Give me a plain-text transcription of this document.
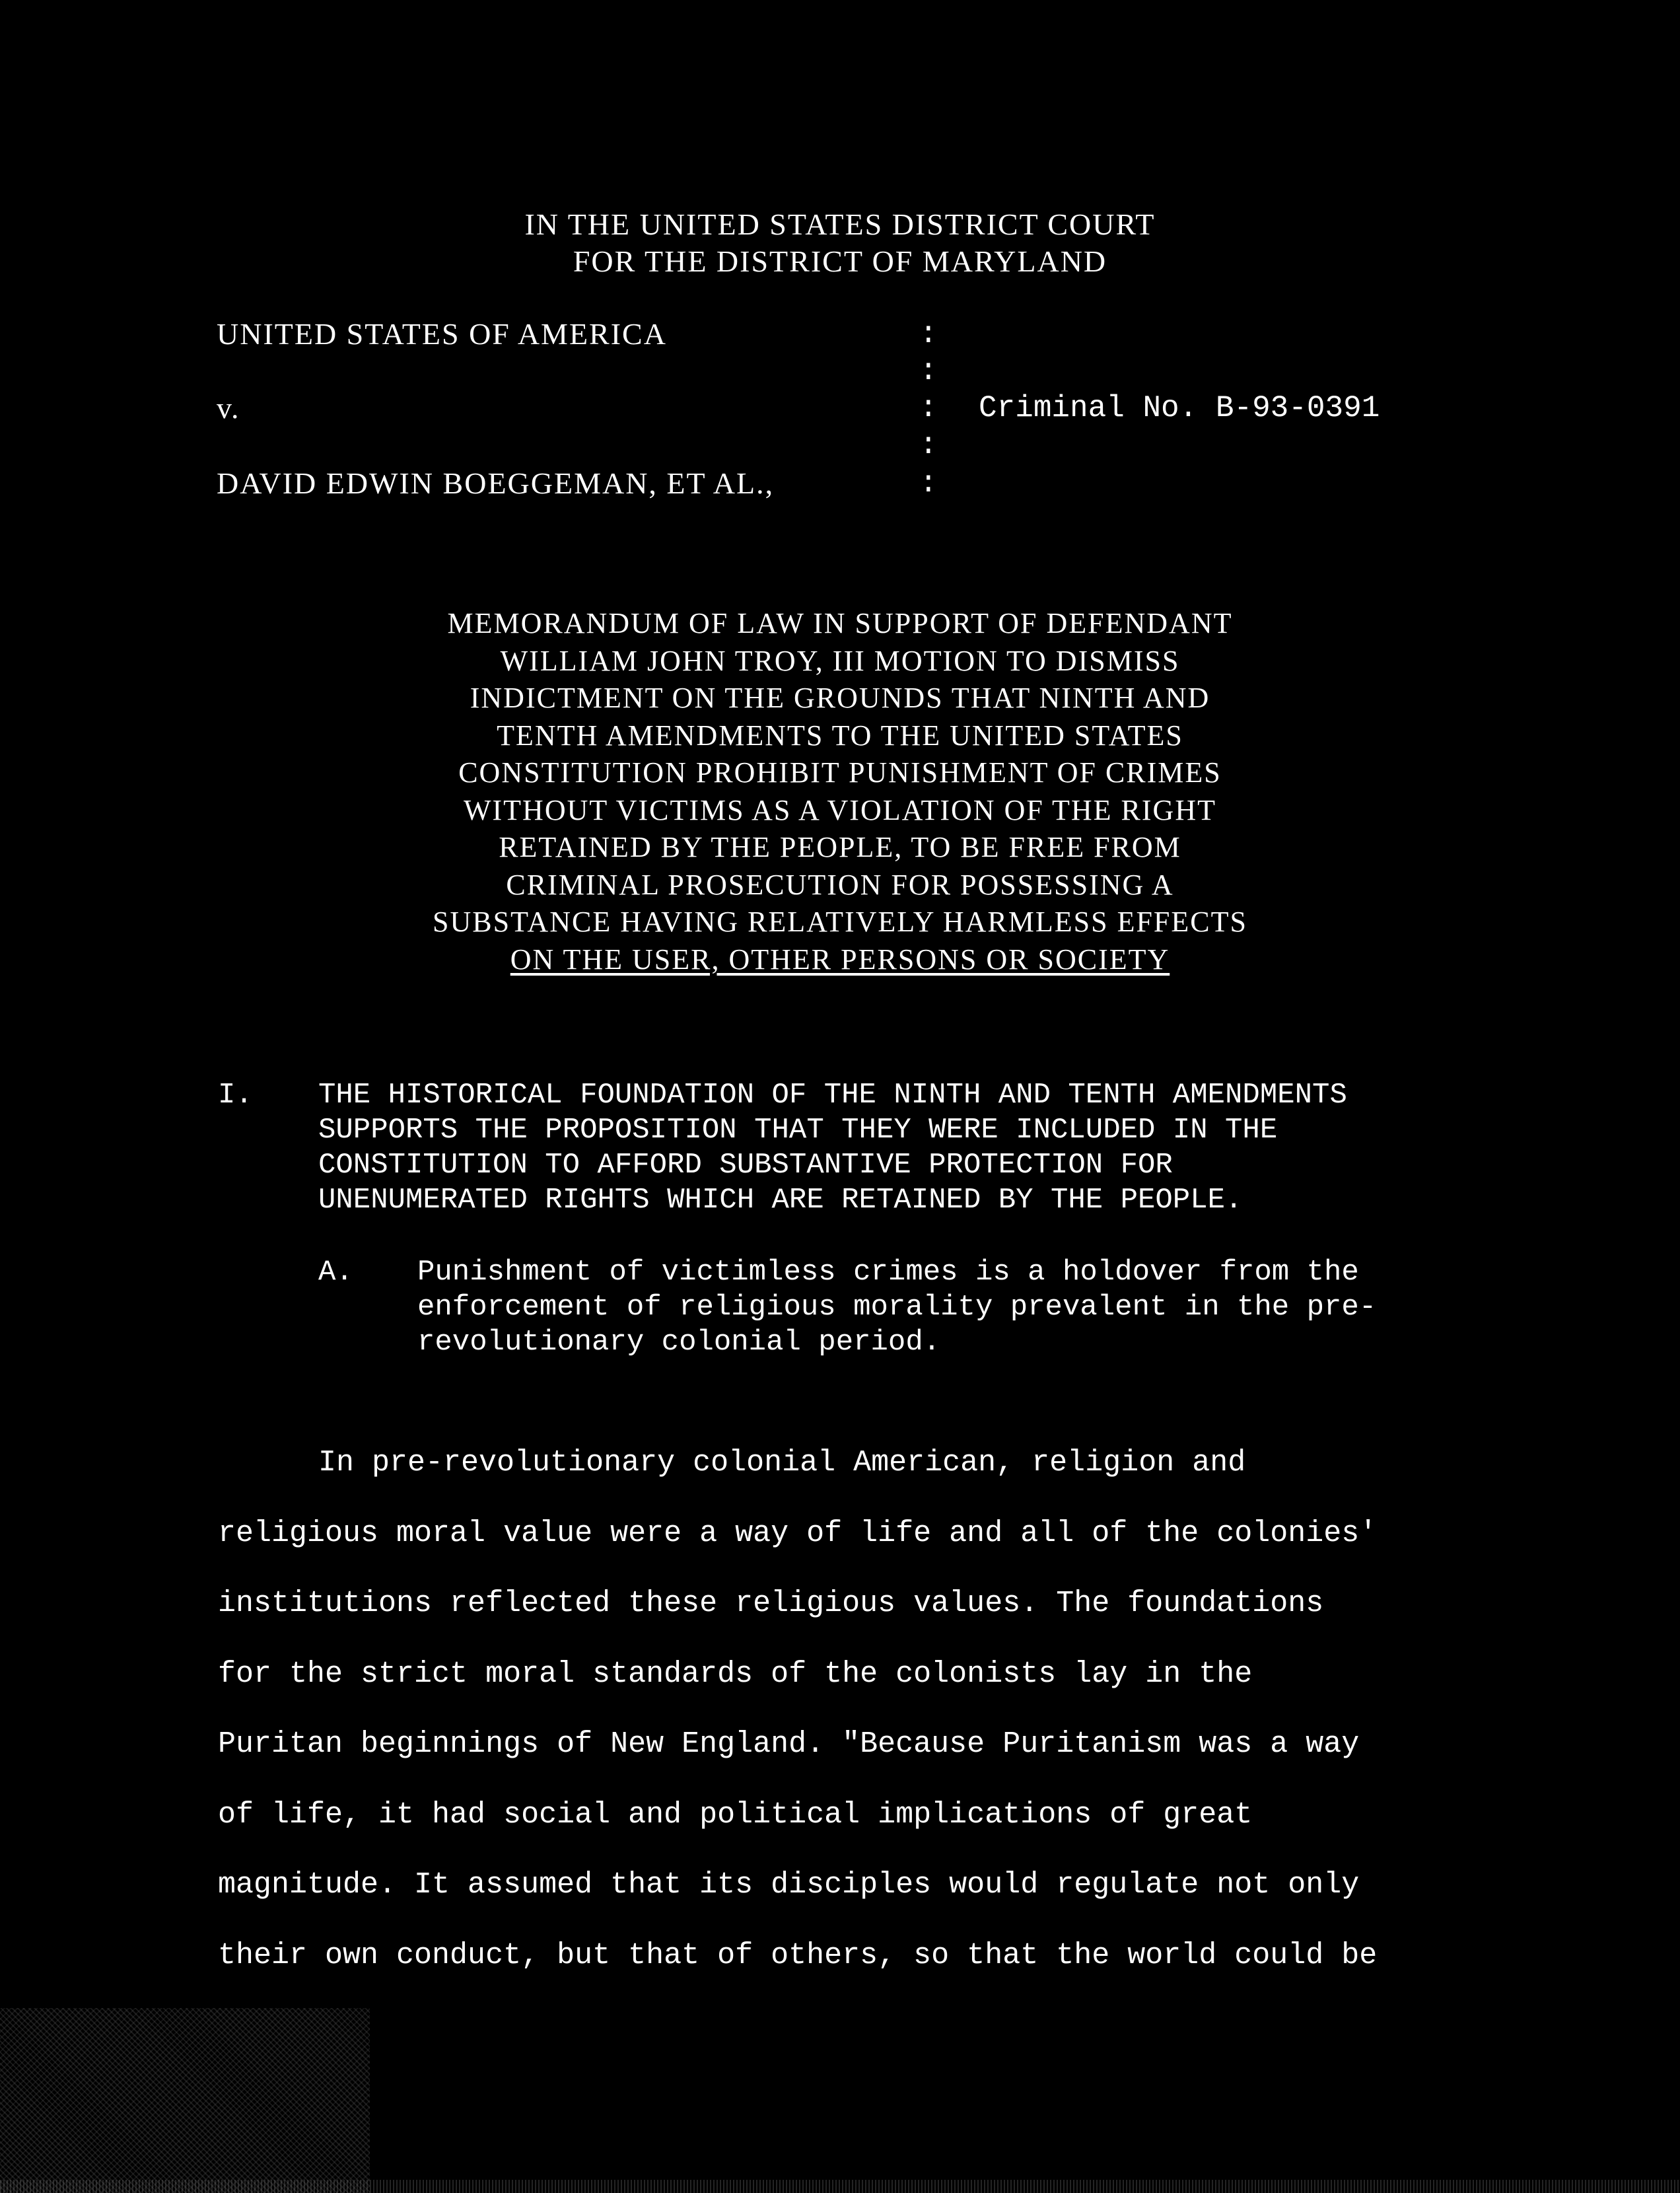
IN THE UNITED STATES DISTRICT COURT
FOR THE DISTRICT OF MARYLAND
UNITED STATES OF AMERICA
v.
DAVID EDWIN BOEGGEMAN, ET AL.,
:
:
:
:
:
Criminal No. B-93-0391
MEMORANDUM OF LAW IN SUPPORT OF DEFENDANT
WILLIAM JOHN TROY, III MOTION TO DISMISS
INDICTMENT ON THE GROUNDS THAT NINTH AND
TENTH AMENDMENTS TO THE UNITED STATES
CONSTITUTION PROHIBIT PUNISHMENT OF CRIMES
WITHOUT VICTIMS AS A VIOLATION OF THE RIGHT
RETAINED BY THE PEOPLE, TO BE FREE FROM
CRIMINAL PROSECUTION FOR POSSESSING A
SUBSTANCE HAVING RELATIVELY HARMLESS EFFECTS
ON THE USER, OTHER PERSONS OR SOCIETY
I. THE HISTORICAL FOUNDATION OF THE NINTH AND TENTH AMENDMENTS
SUPPORTS THE PROPOSITION THAT THEY WERE INCLUDED IN THE
CONSTITUTION TO AFFORD SUBSTANTIVE PROTECTION FOR
UNENUMERATED RIGHTS WHICH ARE RETAINED BY THE PEOPLE.
A. Punishment of victimless crimes is a holdover from the
enforcement of religious morality prevalent in the pre-
revolutionary colonial period.
In pre-revolutionary colonial American, religion and
religious moral value were a way of life and all of the colonies'
institutions reflected these religious values. The foundations
for the strict moral standards of the colonists lay in the
Puritan beginnings of New England. "Because Puritanism was a way
of life, it had social and political implications of great
magnitude. It assumed that its disciples would regulate not only
their own conduct, but that of others, so that the world could be
